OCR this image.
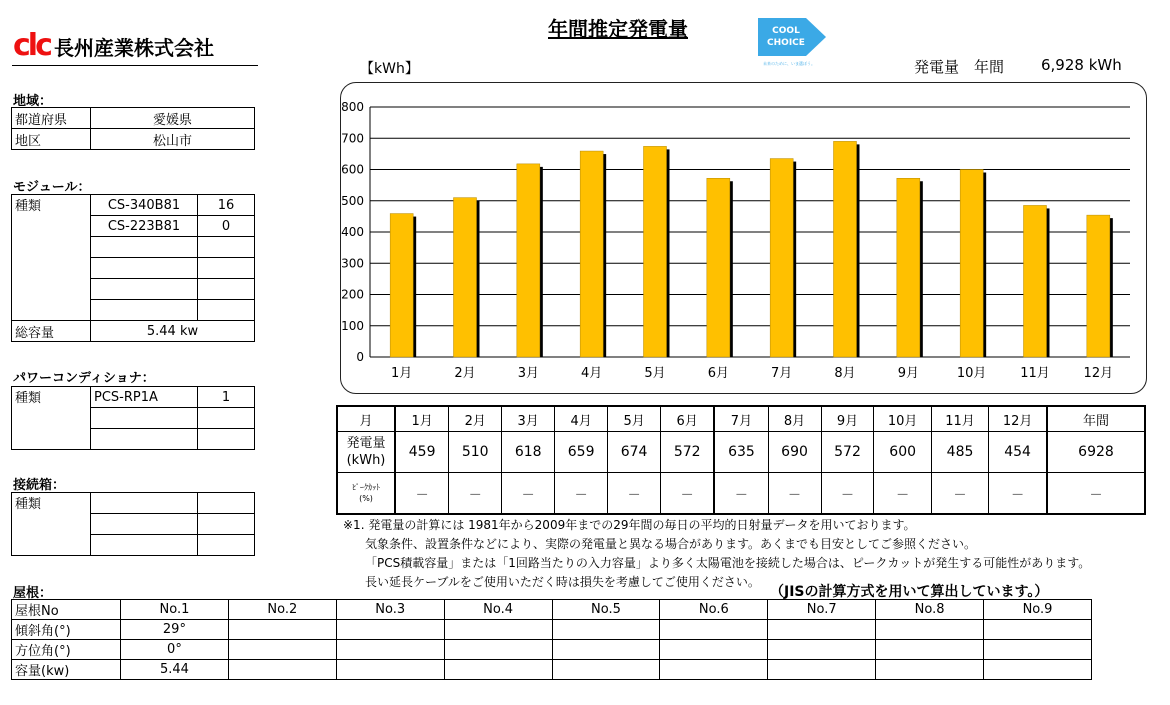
clc 長州産業株式会社
年間推定発電量	COOL
CHOICE
未来のために、いま選ぼう。
【kWh】	発電量　年間 6,928 kWh
地域：
都道府県	愛媛県
地区	松山市
モジュール：
種類	CS-340B81	16
	CS-223B81	0

総容量	5.44 kw	
パワーコンディショナ：
種類	PCS-RP1A	1

接続箱：
種類		

0
100
200
300
400
500
600
700
800
1月	2月	3月	4月	5月	6月	7月	8月	9月	10月	11月	12月
月	1月	2月	3月	4月	5月	6月	7月	8月	9月	10月	11月	12月	年間
発電量
(kWh)	459	510	618	659	674	572	635	690	572	600	485	454	6928
ﾋﾟｰｸｶｯﾄ
(%)	－	－	－	－	－	－	－	－	－	－	－	－	－
※1. 発電量の計算には 1981年から2009年までの29年間の毎日の平均的日射量データを用いております。
気象条件、設置条件などにより、実際の発電量と異なる場合があります。あくまでも目安としてご参照ください。
「PCS積載容量」または「1回路当たりの入力容量」より多く太陽電池を接続した場合は、ピークカットが発生する可能性があります。
長い延長ケーブルをご使用いただく時は損失を考慮してご使用ください。
（JISの計算方式を用いて算出しています。）
屋根：
屋根No	No.1	No.2	No.3	No.4	No.5	No.6	No.7	No.8	No.9
傾斜角(°)	29°								
方位角(°)	0°								
容量(kw)	5.44								
